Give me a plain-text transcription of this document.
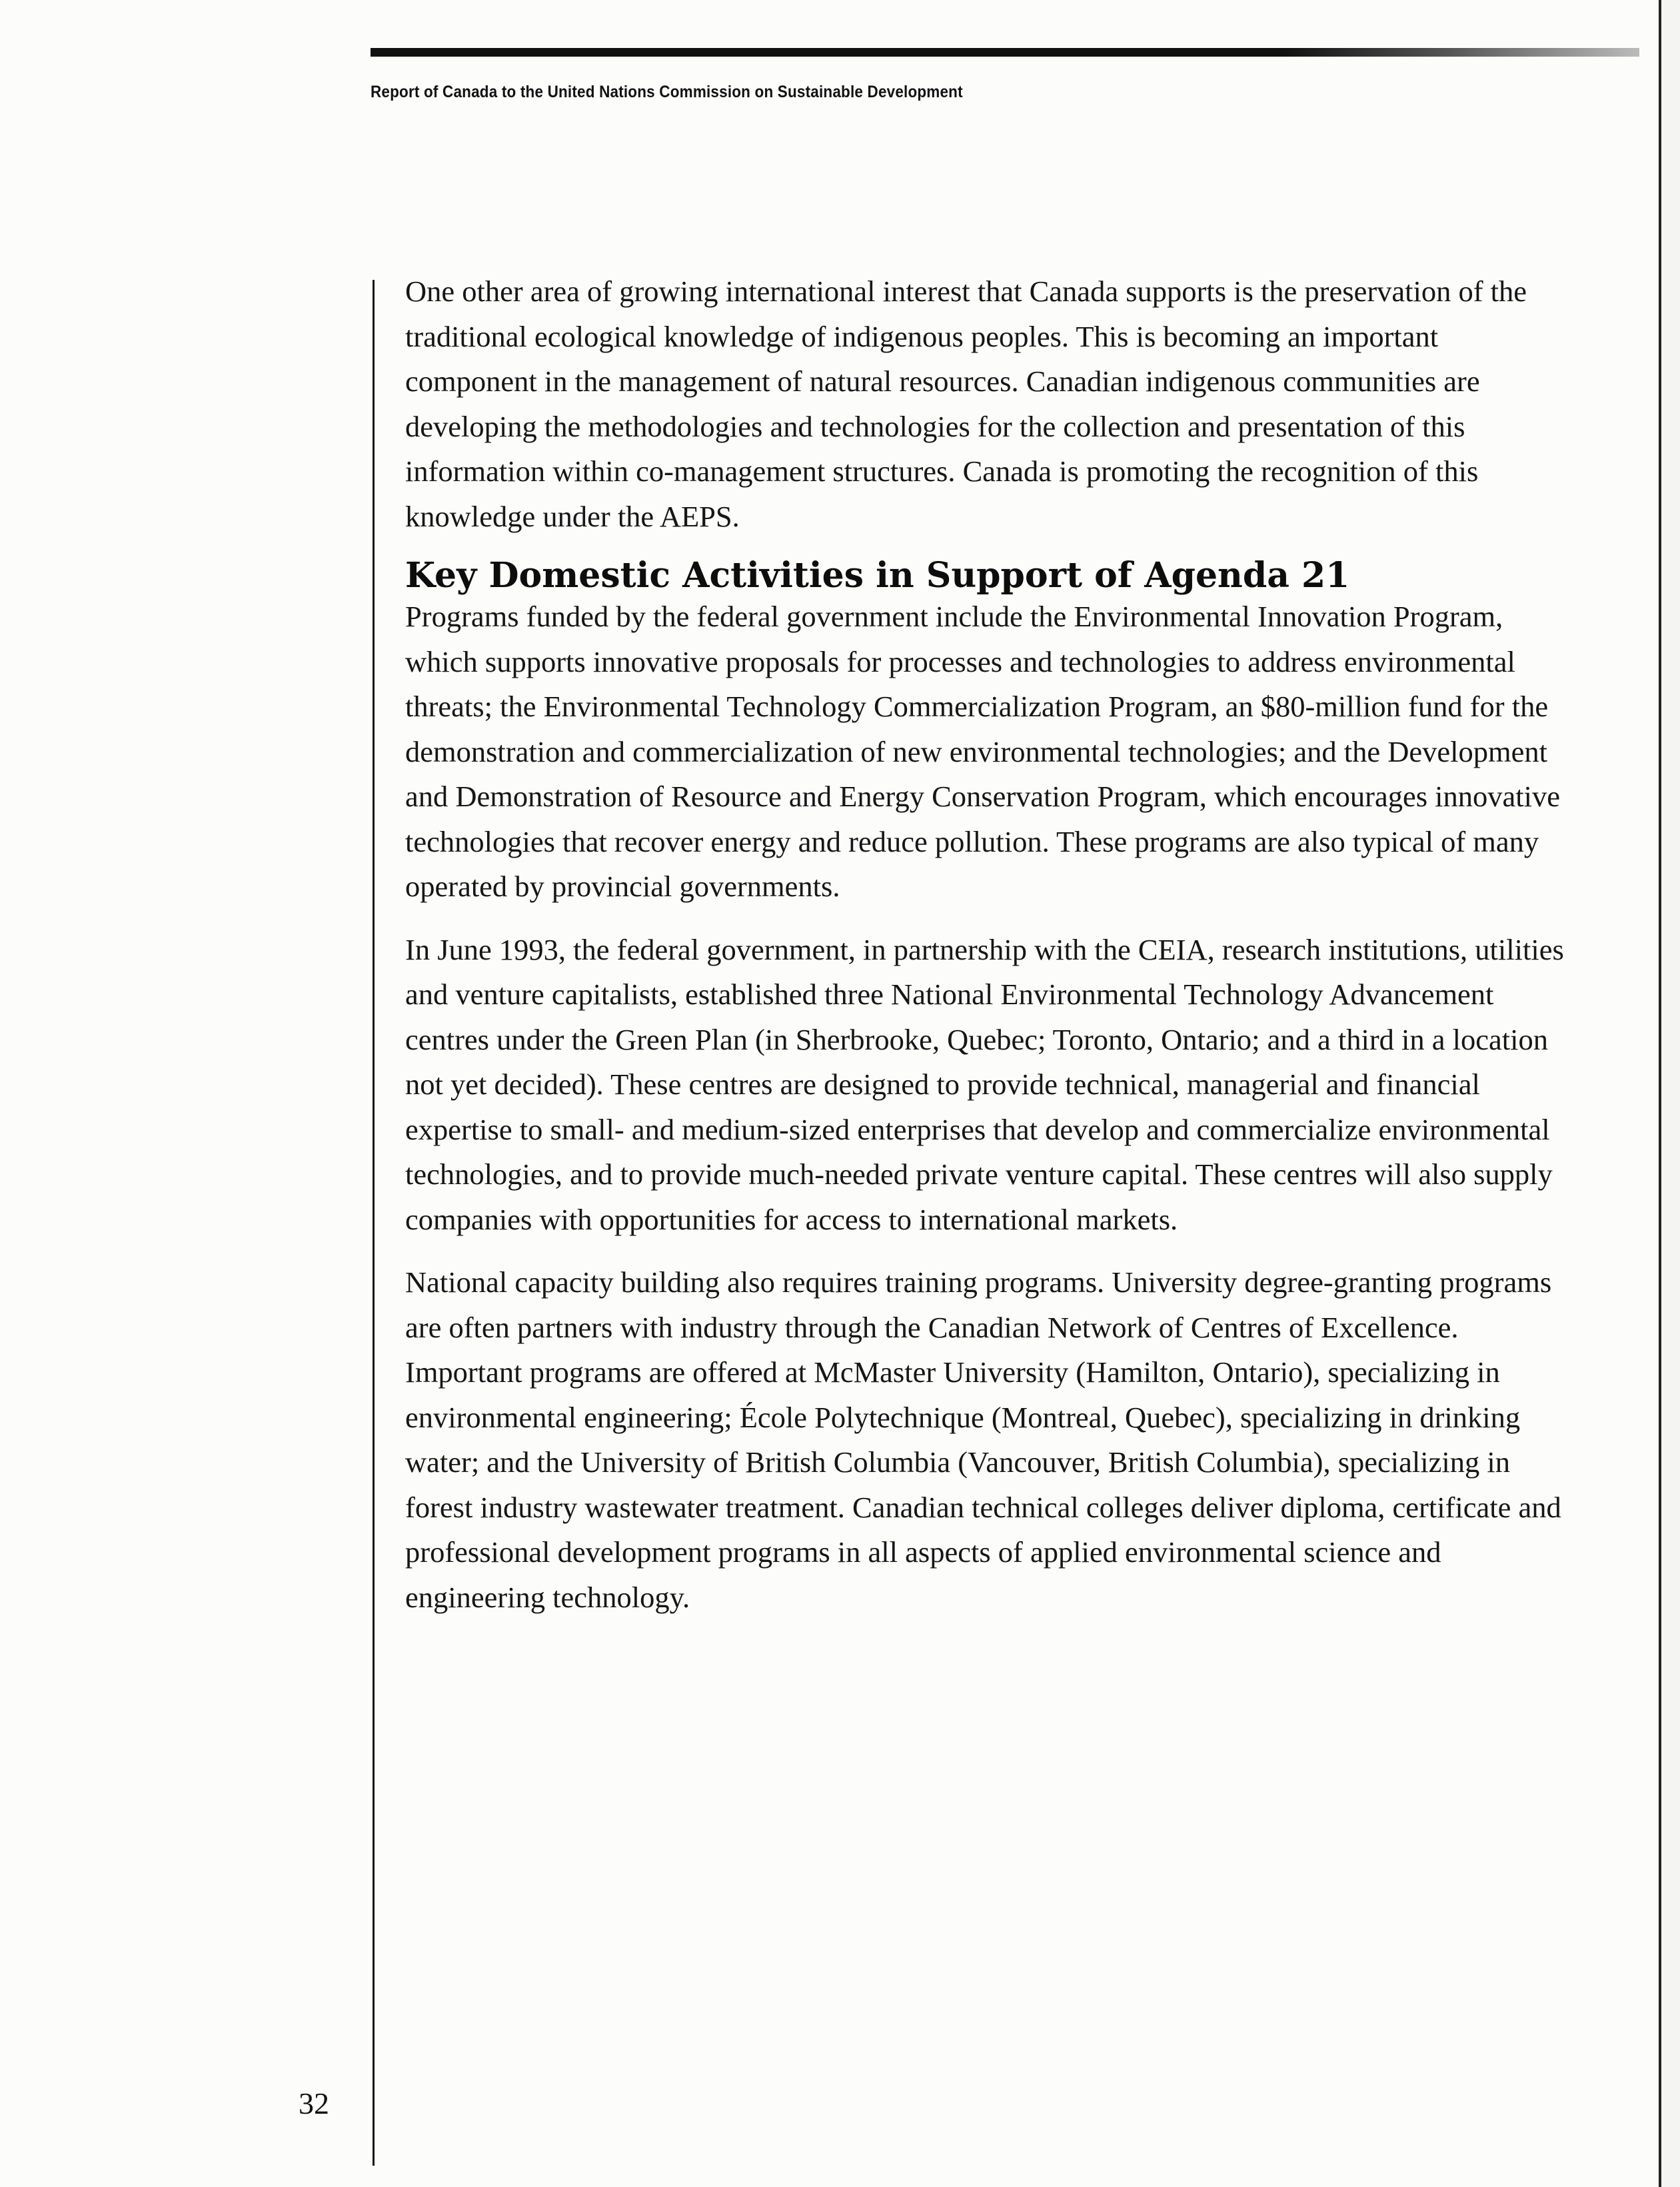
Report of Canada to the United Nations Commission on Sustainable Development

One other area of growing international interest that Canada supports is the preservation of the traditional ecological knowledge of indigenous peoples. This is becoming an important component in the management of natural resources. Canadian indigenous communities are developing the methodologies and technologies for the collection and presentation of this information within co-management structures. Canada is promoting the recognition of this knowledge under the AEPS.

Key Domestic Activities in Support of Agenda 21

Programs funded by the federal government include the Environmental Innovation Program, which supports innovative proposals for processes and technologies to address environmental threats; the Environmental Technology Commercialization Program, an $80-million fund for the demonstration and commercialization of new environmental technologies; and the Development and Demonstration of Resource and Energy Conservation Program, which encourages innovative technologies that recover energy and reduce pollution. These programs are also typical of many operated by provincial governments.

In June 1993, the federal government, in partnership with the CEIA, research institutions, utilities and venture capitalists, established three National Environmental Technology Advancement centres under the Green Plan (in Sherbrooke, Quebec; Toronto, Ontario; and a third in a location not yet decided). These centres are designed to provide technical, managerial and financial expertise to small- and medium-sized enterprises that develop and commercialize environmental technologies, and to provide much-needed private venture capital. These centres will also supply companies with opportunities for access to international markets.

National capacity building also requires training programs. University degree-granting programs are often partners with industry through the Canadian Network of Centres of Excellence. Important programs are offered at McMaster University (Hamilton, Ontario), specializing in environmental engineering; École Polytechnique (Montreal, Quebec), specializing in drinking water; and the University of British Columbia (Vancouver, British Columbia), specializing in forest industry wastewater treatment. Canadian technical colleges deliver diploma, certificate and professional development programs in all aspects of applied environmental science and engineering technology.

32
